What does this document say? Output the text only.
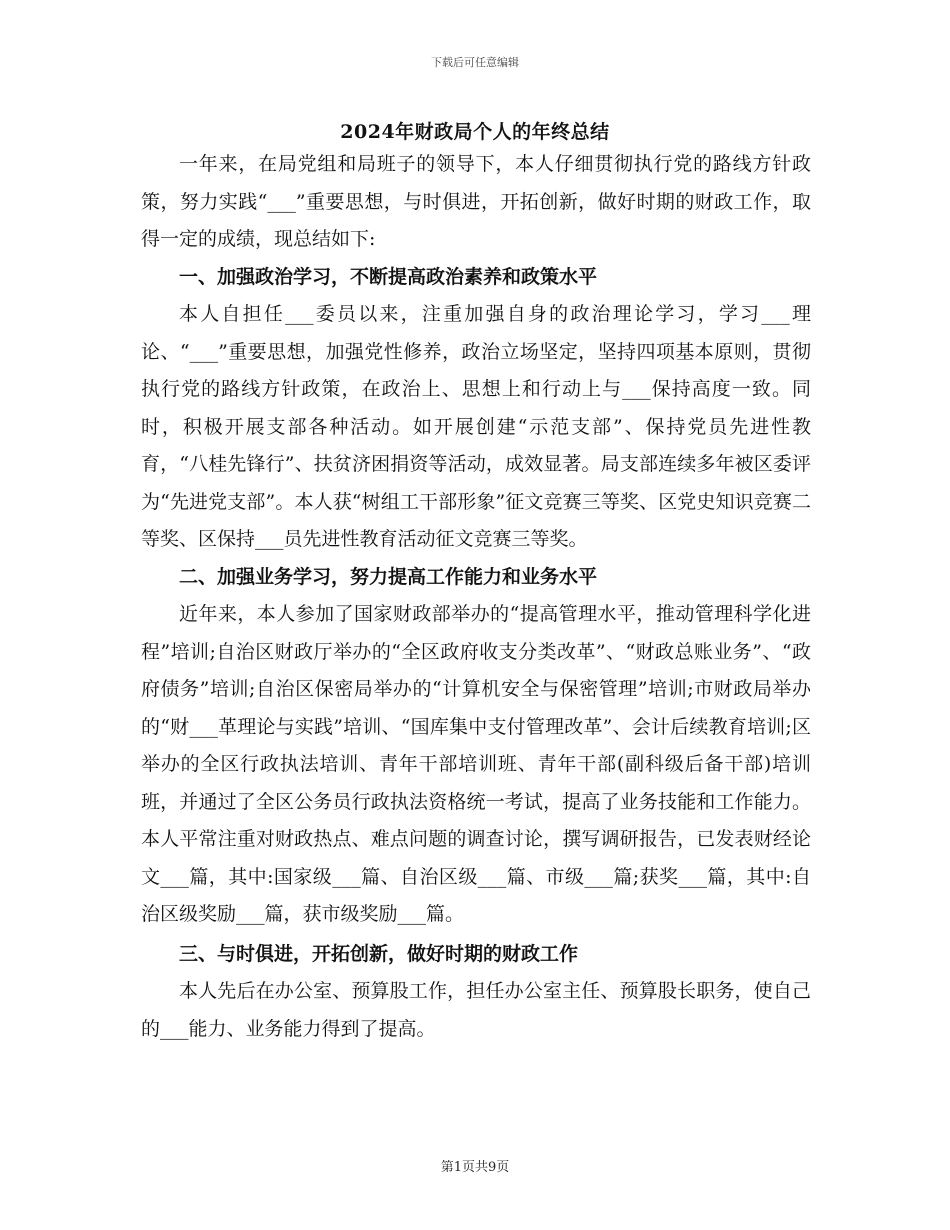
下载后可任意编辑
2024年财政局个人的年终总结

一年来，在局党组和局班子的领导下，本人仔细贯彻执行党的路线方针政策，努力实践“___”重要思想，与时俱进，开拓创新，做好时期的财政工作，取得一定的成绩，现总结如下:

一、加强政治学习，不断提高政治素养和政策水平

本人自担任___委员以来，注重加强自身的政治理论学习，学习___理论、“___”重要思想，加强党性修养，政治立场坚定，坚持四项基本原则，贯彻执行党的路线方针政策，在政治上、思想上和行动上与___保持高度一致。同时，积极开展支部各种活动。如开展创建“示范支部”、保持党员先进性教育，“八桂先锋行”、扶贫济困捐资等活动，成效显著。局支部连续多年被区委评为“先进党支部”。本人获“树组工干部形象”征文竞赛三等奖、区党史知识竞赛二等奖、区保持___员先进性教育活动征文竞赛三等奖。

二、加强业务学习，努力提高工作能力和业务水平

近年来，本人参加了国家财政部举办的“提高管理水平，推动管理科学化进程”培训;自治区财政厅举办的“全区政府收支分类改革”、“财政总账业务”、“政府债务”培训;自治区保密局举办的“计算机安全与保密管理”培训;市财政局举办的“财___革理论与实践”培训、“国库集中支付管理改革”、会计后续教育培训;区举办的全区行政执法培训、青年干部培训班、青年干部(副科级后备干部)培训班，并通过了全区公务员行政执法资格统一考试，提高了业务技能和工作能力。本人平常注重对财政热点、难点问题的调查讨论，撰写调研报告，已发表财经论文___篇，其中:国家级___篇、自治区级___篇、市级___篇;获奖___篇，其中:自治区级奖励___篇，获市级奖励___篇。

三、与时俱进，开拓创新，做好时期的财政工作

本人先后在办公室、预算股工作，担任办公室主任、预算股长职务，使自己的___能力、业务能力得到了提高。

第1页共9页
